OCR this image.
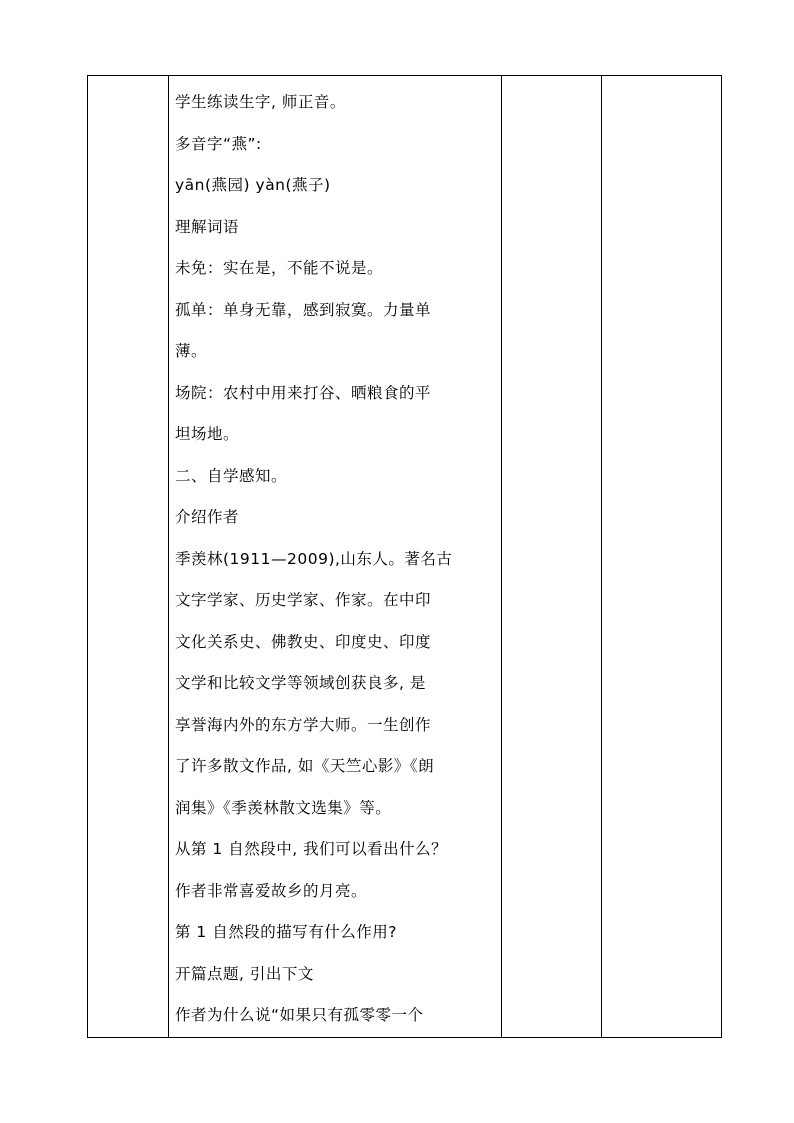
学生练读生字, 师正音。

多音字“燕”:

yān(燕园) yàn(燕子)

理解词语

未免：实在是，不能不说是。

孤单：单身无靠，感到寂寞。力量单

薄。

场院：农村中用来打谷、晒粮食的平

坦场地。

二、自学感知。

介绍作者

季羡林(1911—2009),山东人。著名古

文字学家、历史学家、作家。在中印

文化关系史、佛教史、印度史、印度

文学和比较文学等领域创获良多, 是

享誉海内外的东方学大师。一生创作

了许多散文作品, 如《天竺心影》《朗

润集》《季羡林散文选集》等。

从第 1 自然段中, 我们可以看出什么？

作者非常喜爱故乡的月亮。

第 1 自然段的描写有什么作用?

开篇点题, 引出下文

作者为什么说“如果只有孤零零一个
